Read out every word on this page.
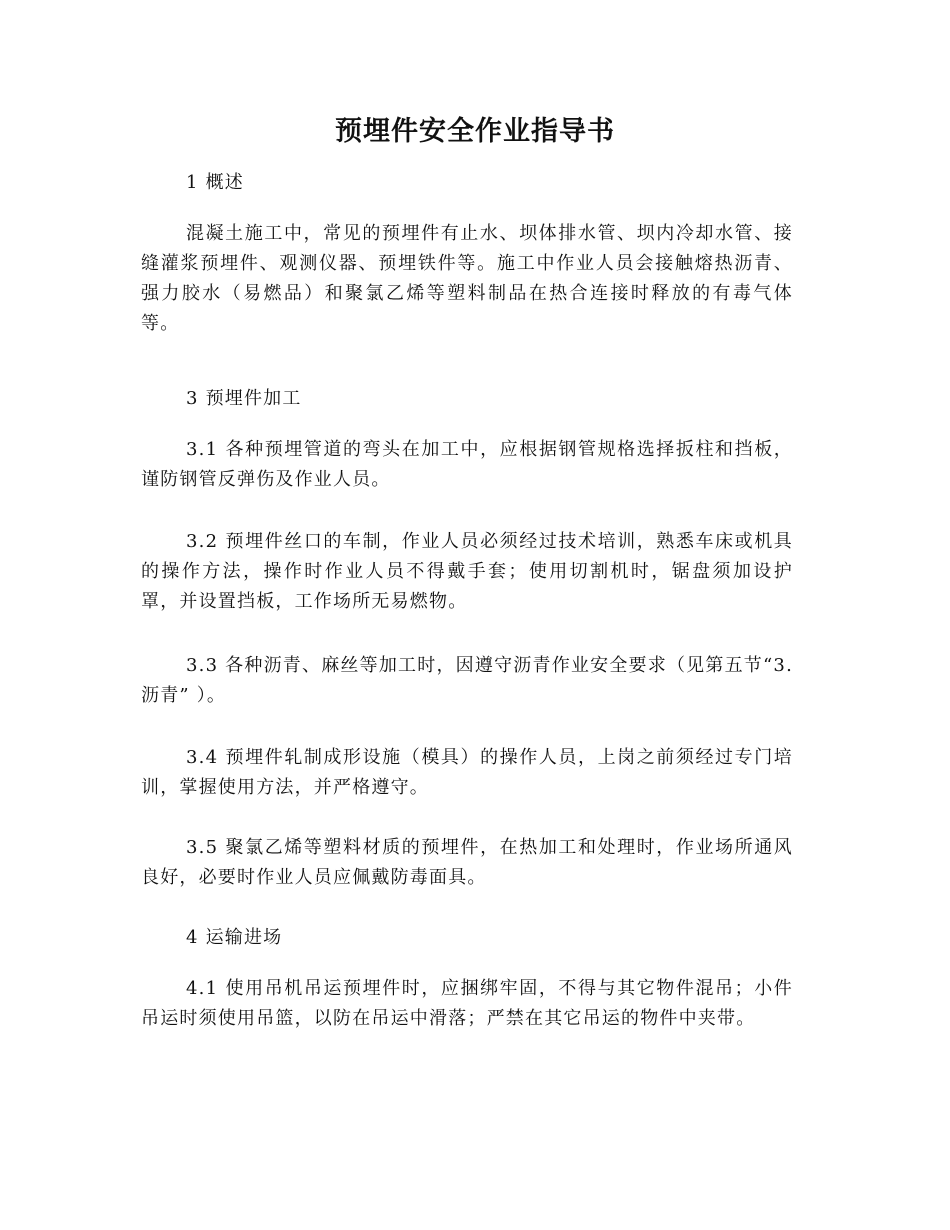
预埋件安全作业指导书
1 概述

混凝土施工中，常见的预埋件有止水、坝体排水管、坝内冷却水管、接缝灌浆预埋件、观测仪器、预埋铁件等。施工中作业人员会接触熔热沥青、强力胶水（易燃品）和聚氯乙烯等塑料制品在热合连接时释放的有毒气体等。

3 预埋件加工

3.1 各种预埋管道的弯头在加工中，应根据钢管规格选择扳柱和挡板，谨防钢管反弹伤及作业人员。

3.2 预埋件丝口的车制，作业人员必须经过技术培训，熟悉车床或机具的操作方法，操作时作业人员不得戴手套；使用切割机时，锯盘须加设护罩，并设置挡板，工作场所无易燃物。

3.3 各种沥青、麻丝等加工时，因遵守沥青作业安全要求（见第五节“3.沥青” ）。

3.4 预埋件轧制成形设施（模具）的操作人员，上岗之前须经过专门培训，掌握使用方法，并严格遵守。

3.5 聚氯乙烯等塑料材质的预埋件，在热加工和处理时，作业场所通风良好，必要时作业人员应佩戴防毒面具。

4 运输进场

4.1 使用吊机吊运预埋件时，应捆绑牢固，不得与其它物件混吊；小件吊运时须使用吊篮，以防在吊运中滑落；严禁在其它吊运的物件中夹带。
